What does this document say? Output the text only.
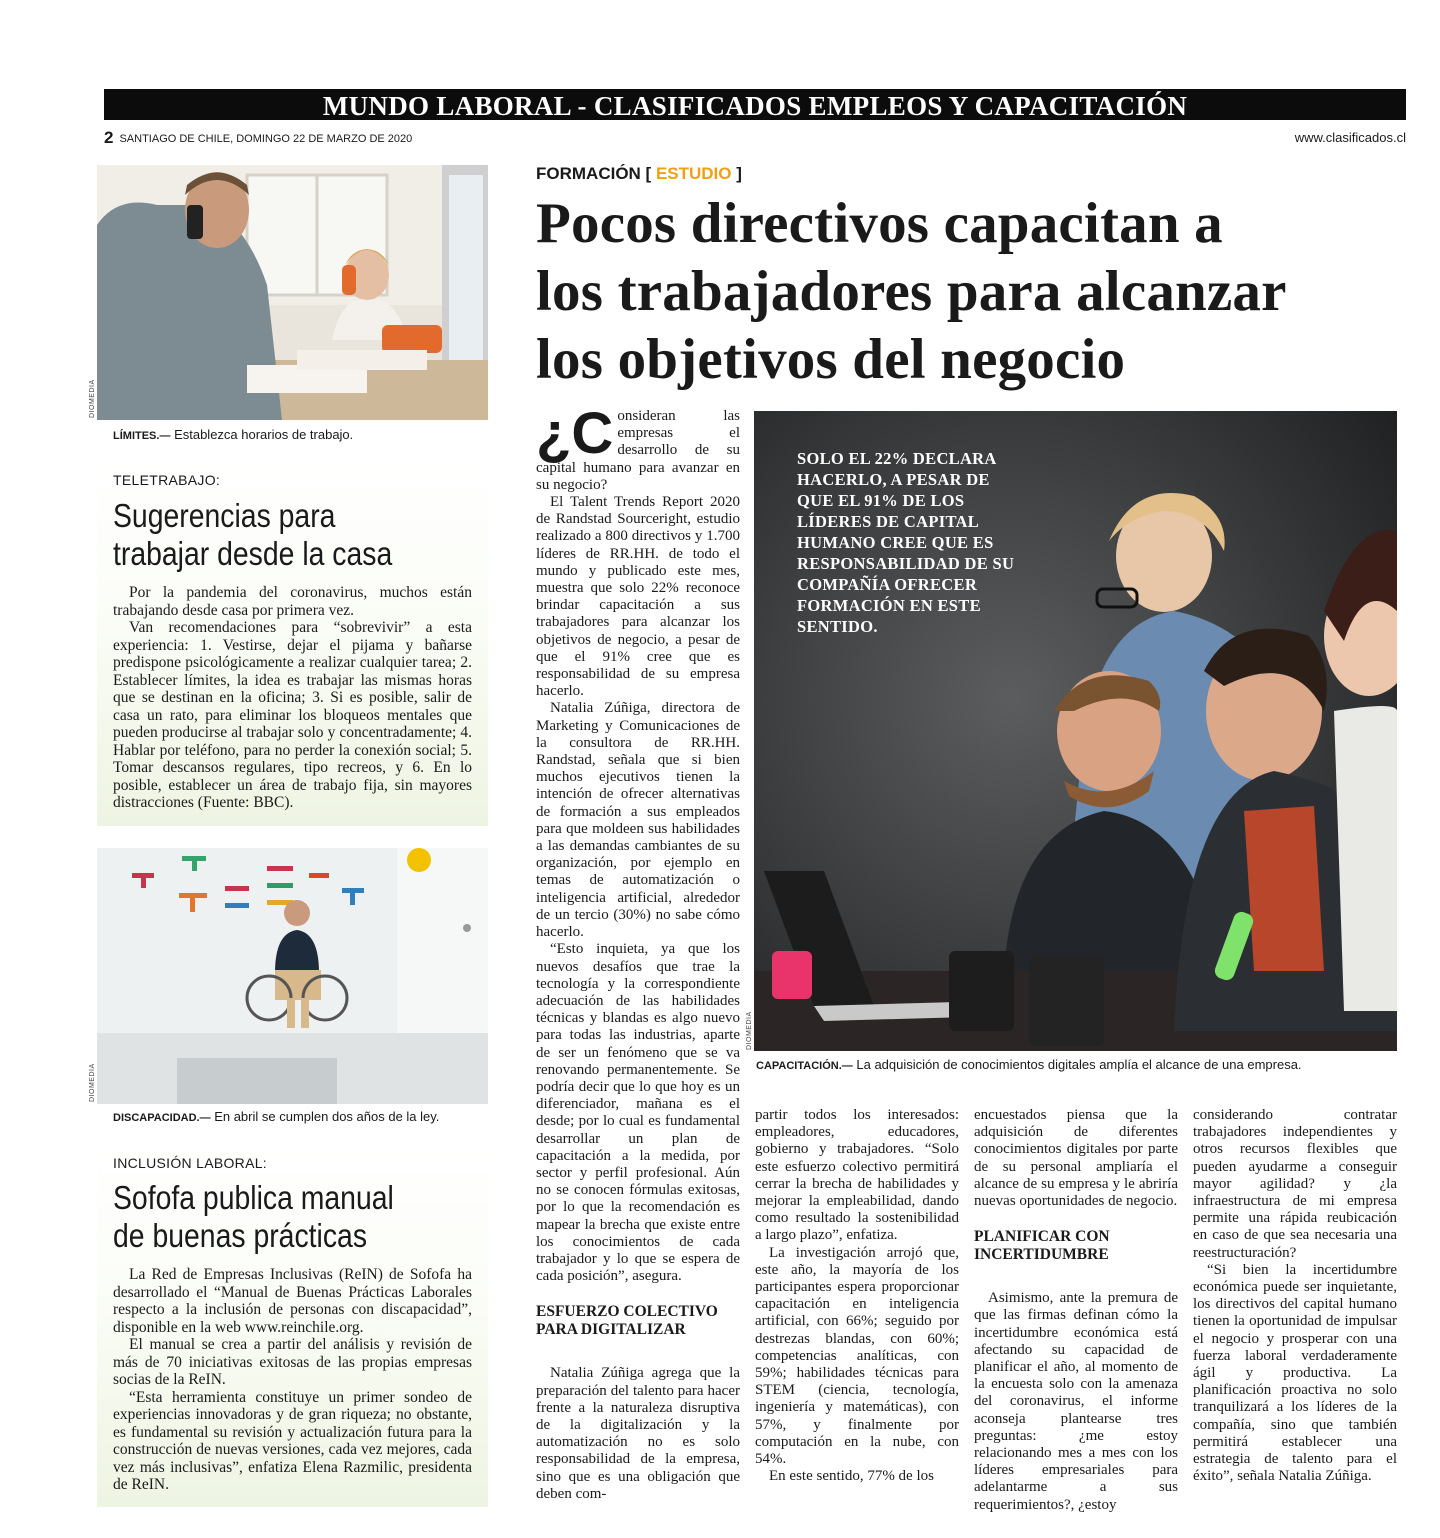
MUNDO LABORAL - CLASIFICADOS EMPLEOS Y CAPACITACIÓN
2 SANTIAGO DE CHILE, DOMINGO 22 DE MARZO DE 2020	www.clasificados.cl
DIOMEDIA
LÍMITES.— Establezca horarios de trabajo.
TELETRABAJO:
Sugerencias para
trabajar desde la casa

Por la pandemia del coronavirus, muchos están trabajando desde casa por primera vez.

Van recomendaciones para “sobrevivir” a esta experiencia: 1. Vestirse, dejar el pijama y bañarse predispone psicológicamente a realizar cualquier tarea; 2. Establecer límites, la idea es trabajar las mismas horas que se destinan en la oficina; 3. Si es posible, salir de casa un rato, para eliminar los bloqueos mentales que pueden producirse al trabajar solo y concentradamente; 4. Hablar por teléfono, para no perder la conexión social; 5. Tomar descansos regulares, tipo recreos, y 6. En lo posible, establecer un área de trabajo fija, sin mayores distracciones (Fuente: BBC).

DIOMEDIA
DISCAPACIDAD.— En abril se cumplen dos años de la ley.
INCLUSIÓN LABORAL:
Sofofa publica manual
de buenas prácticas

La Red de Empresas Inclusivas (ReIN) de Sofofa ha desarrollado el “Manual de Buenas Prácticas Laborales respecto a la inclusión de personas con discapacidad”, disponible en la web www.reinchile.org.

El manual se crea a partir del análisis y revisión de más de 70 iniciativas exitosas de las propias empresas socias de la ReIN.

“Esta herramienta constituye un primer sondeo de experiencias innovadoras y de gran riqueza; no obstante, es fundamental su revisión y actualización futura para la construcción de nuevas versiones, cada vez mejores, cada vez más inclusivas”, enfatiza Elena Razmilic, presidenta de ReIN.

FORMACIÓN [ ESTUDIO ]
Pocos directivos capacitan a
los trabajadores para alcanzar
los objetivos del negocio
SOLO EL 22% DECLARA HACERLO, A PESAR DE QUE EL 91% DE LOS LÍDERES DE CAPITAL HUMANO CREE QUE ES RESPONSABILIDAD DE SU COMPAÑÍA OFRECER FORMACIÓN EN ESTE SENTIDO.
DIOMEDIA
CAPACITACIÓN.— La adquisición de conocimientos digitales amplía el alcance de una empresa.
¿C onsideran las empresas el desarrollo de su capital humano para avanzar en su negocio?

El Talent Trends Report 2020 de Randstad Sourceright, estudio realizado a 800 directivos y 1.700 líderes de RR.HH. de todo el mundo y publicado este mes, muestra que solo 22% reconoce brindar capacitación a sus trabajadores para alcanzar los objetivos de negocio, a pesar de que el 91% cree que es responsabilidad de su empresa hacerlo.

Natalia Zúñiga, directora de Marketing y Comunicaciones de la consultora de RR.HH. Randstad, señala que si bien muchos ejecutivos tienen la intención de ofrecer alternativas de formación a sus empleados para que moldeen sus habilidades a las demandas cambiantes de su organización, por ejemplo en temas de automatización o inteligencia artificial, alrededor de un tercio (30%) no sabe cómo hacerlo.

“Esto inquieta, ya que los nuevos desafíos que trae la tecnología y la correspondiente adecuación de las habilidades técnicas y blandas es algo nuevo para todas las industrias, aparte de ser un fenómeno que se va renovando permanentemente. Se podría decir que lo que hoy es un diferenciador, mañana es el desde; por lo cual es fundamental desarrollar un plan de capacitación a la medida, por sector y perfil profesional. Aún no se conocen fórmulas exitosas, por lo que la recomendación es mapear la brecha que existe entre los conocimientos de cada trabajador y lo que se espera de cada posición”, asegura.

ESFUERZO COLECTIVO
PARA DIGITALIZAR

Natalia Zúñiga agrega que la preparación del talento para hacer frente a la naturaleza disruptiva de la digitalización y la automatización no es solo responsabilidad de la empresa, sino que es una obligación que deben com-

partir todos los interesados: empleadores, educadores, gobierno y trabajadores. “Solo este esfuerzo colectivo permitirá cerrar la brecha de habilidades y mejorar la empleabilidad, dando como resultado la sostenibilidad a largo plazo”, enfatiza.

La investigación arrojó que, este año, la mayoría de los participantes espera proporcionar capacitación en inteligencia artificial, con 66%; seguido por destrezas blandas, con 60%; competencias analíticas, con 59%; habilidades técnicas para STEM (ciencia, tecnología, ingeniería y matemáticas), con 57%, y finalmente por computación en la nube, con 54%.

En este sentido, 77% de los

encuestados piensa que la adquisición de diferentes conocimientos digitales por parte de su personal ampliaría el alcance de su empresa y le abriría nuevas oportunidades de negocio.

PLANIFICAR CON
INCERTIDUMBRE

Asimismo, ante la premura de que las firmas definan cómo la incertidumbre económica está afectando su capacidad de planificar el año, al momento de la encuesta solo con la amenaza del coronavirus, el informe aconseja plantearse tres preguntas: ¿me estoy relacionando mes a mes con los líderes empresariales para adelantarme a sus requerimientos?, ¿estoy

considerando contratar trabajadores independientes y otros recursos flexibles que pueden ayudarme a conseguir mayor agilidad? y ¿la infraestructura de mi empresa permite una rápida reubicación en caso de que sea necesaria una reestructuración?

“Si bien la incertidumbre económica puede ser inquietante, los directivos del capital humano tienen la oportunidad de impulsar el negocio y prosperar con una fuerza laboral verdaderamente ágil y productiva. La planificación proactiva no solo tranquilizará a los líderes de la compañía, sino que también permitirá establecer una estrategia de talento para el éxito”, señala Natalia Zúñiga.
